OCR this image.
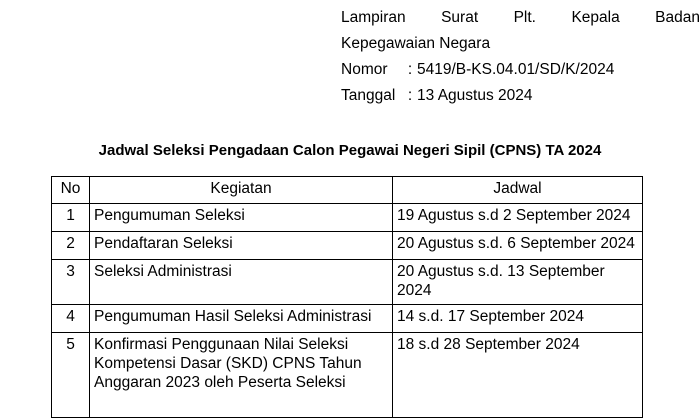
Lampiran Surat Plt. Kepala Badan
Kepegawaian Negara
Nomor : 5419/B-KS.04.01/SD/K/2024
Tanggal : 13 Agustus 2024
Jadwal Seleksi Pengadaan Calon Pegawai Negeri Sipil (CPNS) TA 2024
No	Kegiatan	Jadwal
1	Pengumuman Seleksi	19 Agustus s.d 2 September 2024
2	Pendaftaran Seleksi	20 Agustus s.d. 6 September 2024
3	Seleksi Administrasi	20 Agustus s.d. 13 September 2024
4	Pengumuman Hasil Seleksi Administrasi	14 s.d. 17 September 2024
5	Konfirmasi Penggunaan Nilai Seleksi Kompetensi Dasar (SKD) CPNS Tahun Anggaran 2023 oleh Peserta Seleksi	18 s.d 28 September 2024
